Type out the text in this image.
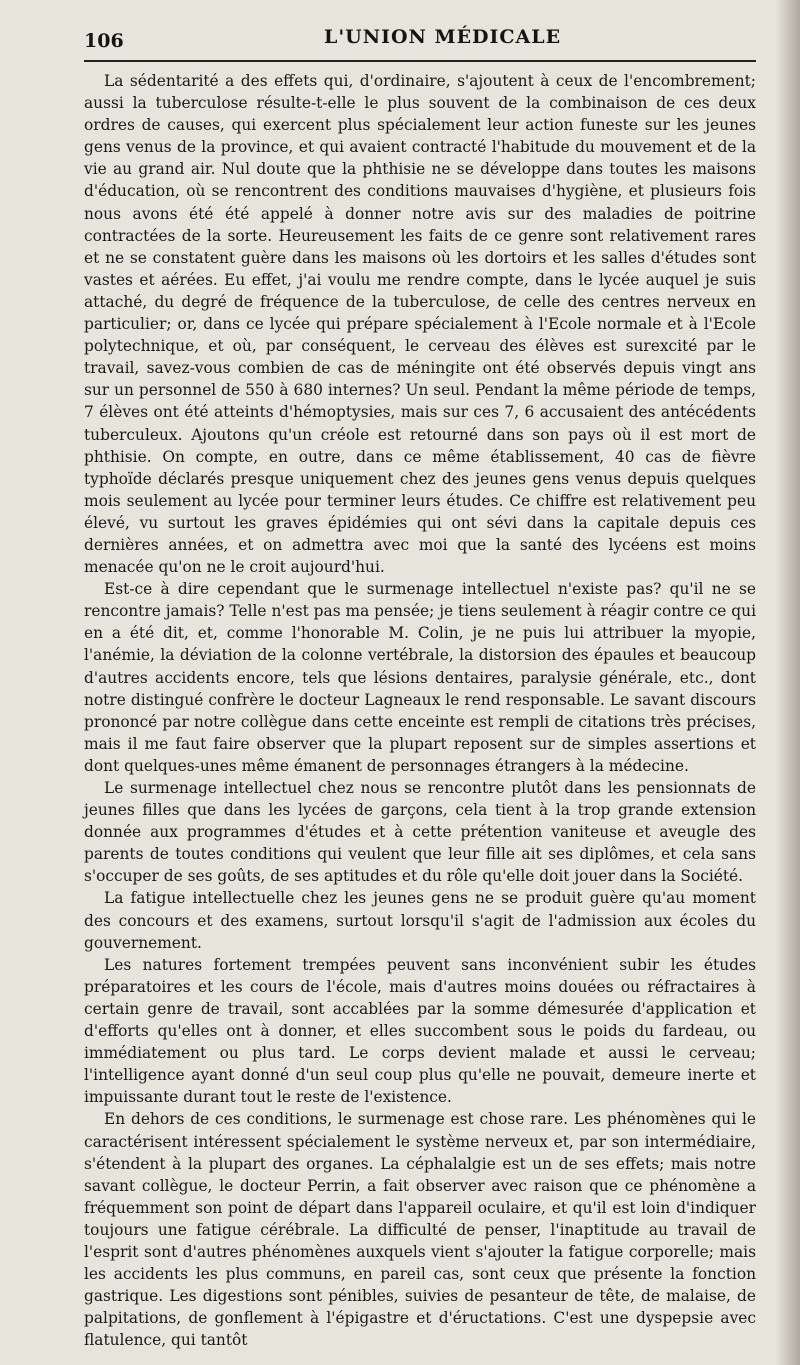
106	L'UNION MÉDICALE

La sédentarité a des effets qui, d'ordinaire, s'ajoutent à ceux de l'encombrement; aussi la tuberculose résulte-t-elle le plus souvent de la combinaison de ces deux ordres de causes, qui exercent plus spécialement leur action funeste sur les jeunes gens venus de la province, et qui avaient contracté l'habitude du mouvement et de la vie au grand air. Nul doute que la phthisie ne se développe dans toutes les maisons d'éducation, où se rencontrent des conditions mauvaises d'hygiène, et plusieurs fois nous avons été été appelé à donner notre avis sur des maladies de poitrine contractées de la sorte. Heureusement les faits de ce genre sont relativement rares et ne se constatent guère dans les maisons où les dortoirs et les salles d'études sont vastes et aérées. Eu effet, j'ai voulu me rendre compte, dans le lycée auquel je suis attaché, du degré de fréquence de la tuberculose, de celle des centres nerveux en particulier; or, dans ce lycée qui prépare spécialement à l'Ecole normale et à l'Ecole polytechnique, et où, par conséquent, le cerveau des élèves est surexcité par le travail, savez-vous combien de cas de méningite ont été observés depuis vingt ans sur un personnel de 550 à 680 internes? Un seul. Pendant la même période de temps, 7 élèves ont été atteints d'hémoptysies, mais sur ces 7, 6 accusaient des antécédents tuberculeux. Ajoutons qu'un créole est retourné dans son pays où il est mort de phthisie. On compte, en outre, dans ce même établissement, 40 cas de fièvre typhoïde déclarés presque uniquement chez des jeunes gens venus depuis quelques mois seulement au lycée pour terminer leurs études. Ce chiffre est relativement peu élevé, vu surtout les graves épidémies qui ont sévi dans la capitale depuis ces dernières années, et on admettra avec moi que la santé des lycéens est moins menacée qu'on ne le croit aujourd'hui.

Est-ce à dire cependant que le surmenage intellectuel n'existe pas? qu'il ne se rencontre jamais? Telle n'est pas ma pensée; je tiens seulement à réagir contre ce qui en a été dit, et, comme l'honorable M. Colin, je ne puis lui attribuer la myopie, l'anémie, la déviation de la colonne vertébrale, la distorsion des épaules et beaucoup d'autres accidents encore, tels que lésions dentaires, paralysie générale, etc., dont notre distingué confrère le docteur Lagneaux le rend responsable. Le savant discours prononcé par notre collègue dans cette enceinte est rempli de citations très précises, mais il me faut faire observer que la plupart reposent sur de simples assertions et dont quelques-unes même émanent de personnages étrangers à la médecine.

Le surmenage intellectuel chez nous se rencontre plutôt dans les pensionnats de jeunes filles que dans les lycées de garçons, cela tient à la trop grande extension donnée aux programmes d'études et à cette prétention vaniteuse et aveugle des parents de toutes conditions qui veulent que leur fille ait ses diplômes, et cela sans s'occuper de ses goûts, de ses aptitudes et du rôle qu'elle doit jouer dans la Société.

La fatigue intellectuelle chez les jeunes gens ne se produit guère qu'au moment des concours et des examens, surtout lorsqu'il s'agit de l'admission aux écoles du gouvernement.

Les natures fortement trempées peuvent sans inconvénient subir les études préparatoires et les cours de l'école, mais d'autres moins douées ou réfractaires à certain genre de travail, sont accablées par la somme démesurée d'application et d'efforts qu'elles ont à donner, et elles succombent sous le poids du fardeau, ou immédiatement ou plus tard. Le corps devient malade et aussi le cerveau; l'intelligence ayant donné d'un seul coup plus qu'elle ne pouvait, demeure inerte et impuissante durant tout le reste de l'existence.

En dehors de ces conditions, le surmenage est chose rare. Les phénomènes qui le caractérisent intéressent spécialement le système nerveux et, par son intermédiaire, s'étendent à la plupart des organes. La céphalalgie est un de ses effets; mais notre savant collègue, le docteur Perrin, a fait observer avec raison que ce phénomène a fréquemment son point de départ dans l'appareil oculaire, et qu'il est loin d'indiquer toujours une fatigue cérébrale. La difficulté de penser, l'inaptitude au travail de l'esprit sont d'autres phénomènes auxquels vient s'ajouter la fatigue corporelle; mais les accidents les plus communs, en pareil cas, sont ceux que présente la fonction gastrique. Les digestions sont pénibles, suivies de pesanteur de tête, de malaise, de palpitations, de gonflement à l'épigastre et d'éructations. C'est une dyspepsie avec flatulence, qui tantôt
